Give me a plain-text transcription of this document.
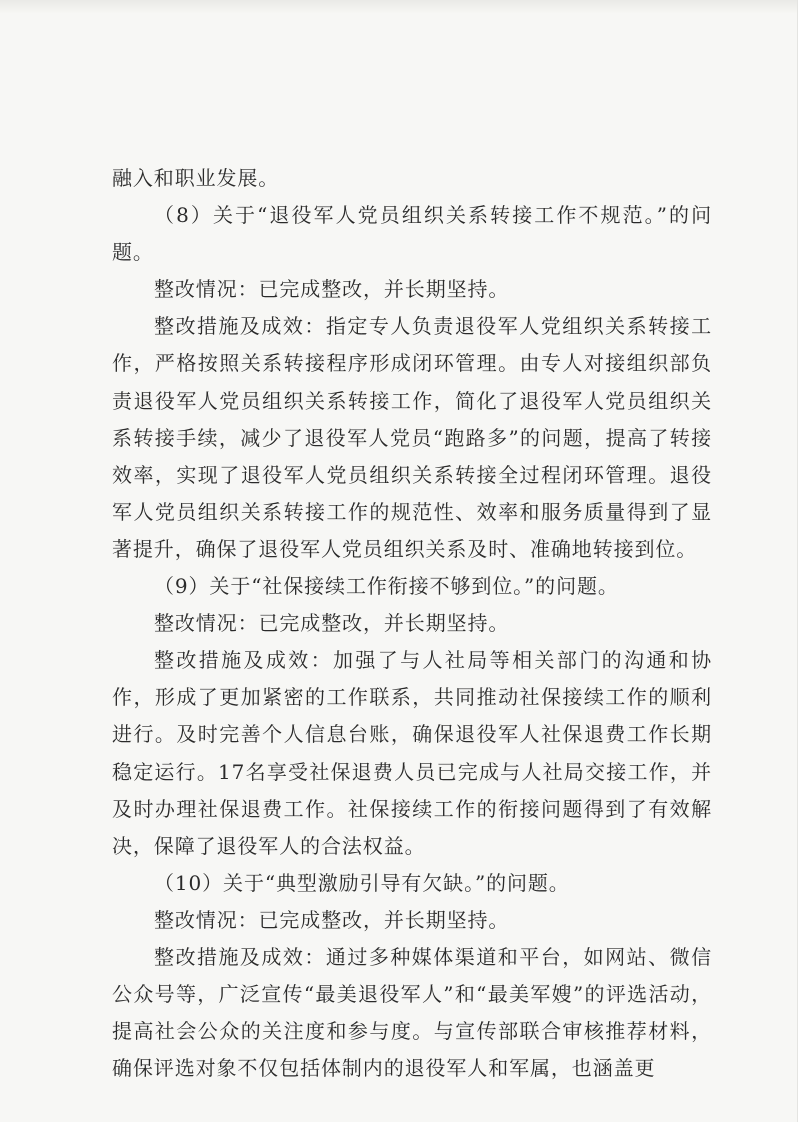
融入和职业发展。

（8）关于“退役军人党员组织关系转接工作不规范。”的问题。

整改情况：已完成整改，并长期坚持。

整改措施及成效：指定专人负责退役军人党组织关系转接工作，严格按照关系转接程序形成闭环管理。由专人对接组织部负责退役军人党员组织关系转接工作，简化了退役军人党员组织关系转接手续，减少了退役军人党员“跑路多”的问题，提高了转接效率，实现了退役军人党员组织关系转接全过程闭环管理。退役军人党员组织关系转接工作的规范性、效率和服务质量得到了显著提升，确保了退役军人党员组织关系及时、准确地转接到位。

（9）关于“社保接续工作衔接不够到位。”的问题。

整改情况：已完成整改，并长期坚持。

整改措施及成效：加强了与人社局等相关部门的沟通和协作，形成了更加紧密的工作联系，共同推动社保接续工作的顺利进行。及时完善个人信息台账，确保退役军人社保退费工作长期稳定运行。17名享受社保退费人员已完成与人社局交接工作，并及时办理社保退费工作。社保接续工作的衔接问题得到了有效解决，保障了退役军人的合法权益。

（10）关于“典型激励引导有欠缺。”的问题。

整改情况：已完成整改，并长期坚持。

整改措施及成效：通过多种媒体渠道和平台，如网站、微信公众号等，广泛宣传“最美退役军人”和“最美军嫂”的评选活动，提高社会公众的关注度和参与度。与宣传部联合审核推荐材料，确保评选对象不仅包括体制内的退役军人和军属，也涵盖更
